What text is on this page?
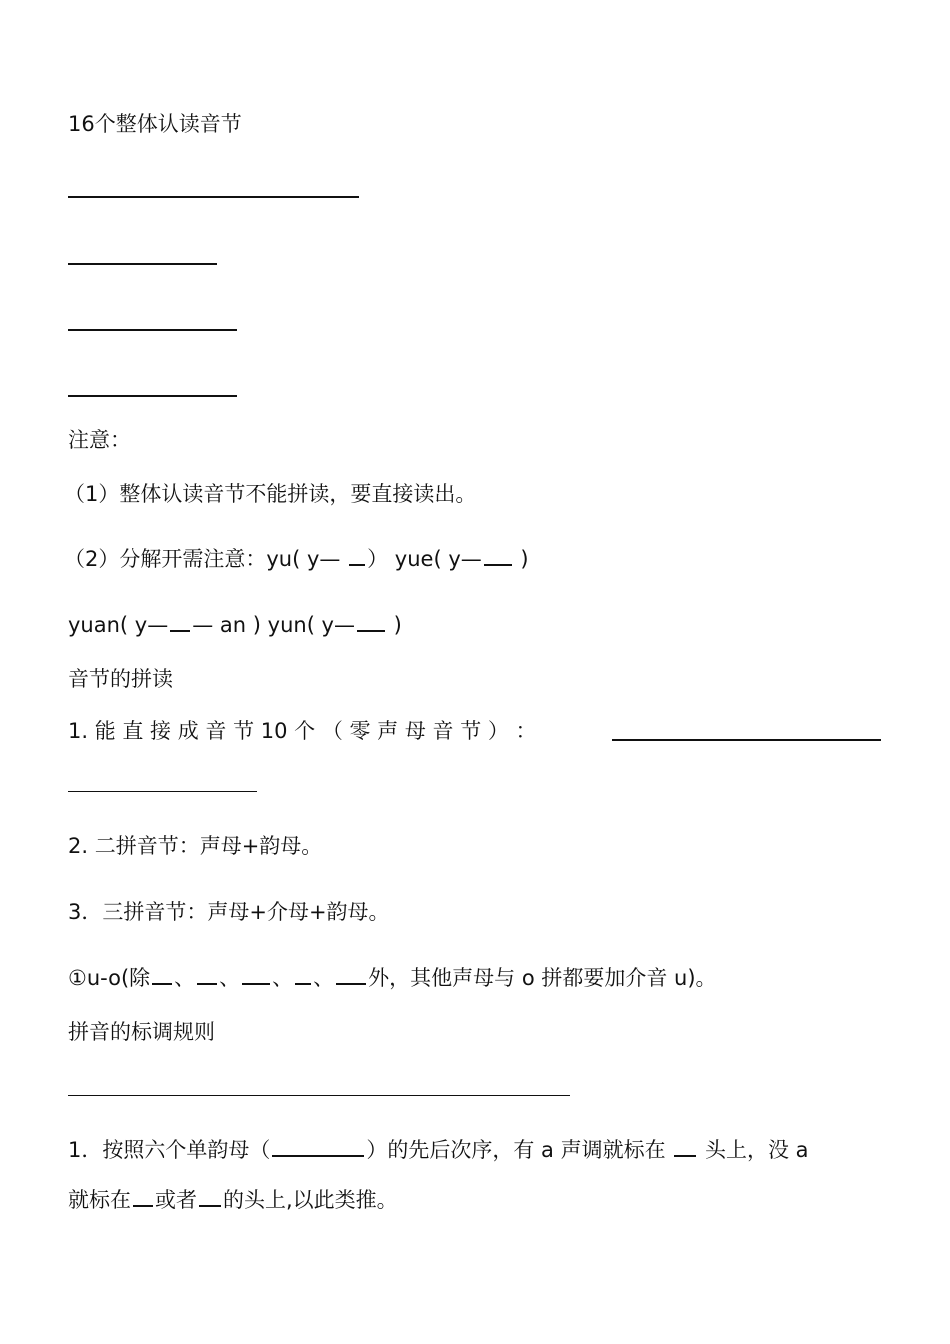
16个整体认读音节
注意：
（1）整体认读音节不能拼读，要直接读出。
（2）分解开需注意：yu( y— ） yue( y— )
yuan( y— — an ) yun( y— )
音节的拼读
1. 能 直 接 成 音 节 10 个 （ 零 声 母 音 节 ） ：
2. 二拼音节：声母+韵母。
3．三拼音节：声母+介母+韵母。
①u-o(除 、 、 、 、 外，其他声母与 o 拼都要加介音 u)。
拼音的标调规则
1．按照六个单韵母（	）的先后次序，有 a 声调就标在 头上，没 a
就标在 或者 的头上,以此类推。
